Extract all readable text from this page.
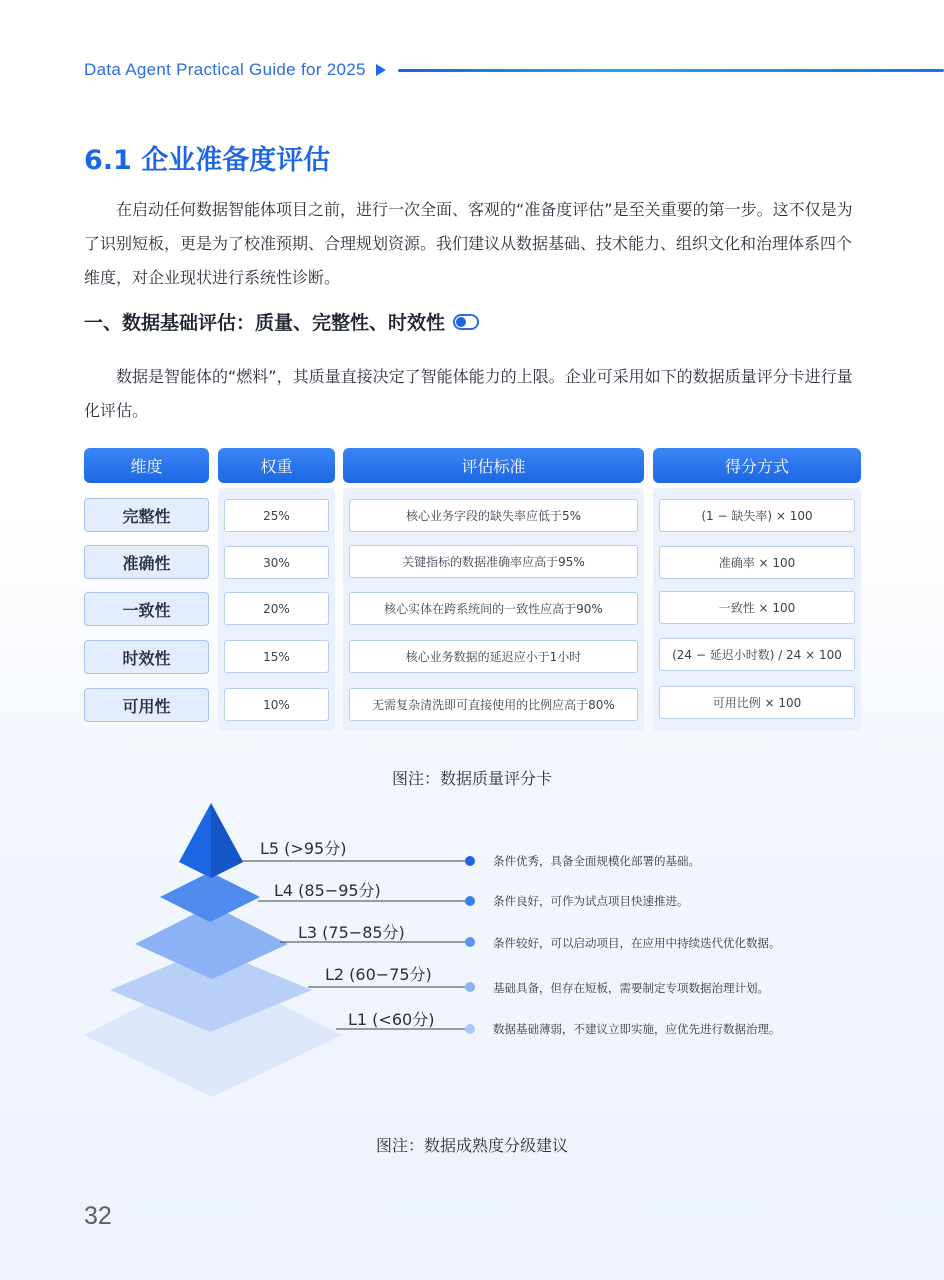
Data Agent Practical Guide for 2025
6.1 企业准备度评估

在启动任何数据智能体项目之前，进行一次全面、客观的“准备度评估”是至关重要的第一步。这不仅是为了识别短板，更是为了校准预期、合理规划资源。我们建议从数据基础、技术能力、组织文化和治理体系四个维度，对企业现状进行系统性诊断。

一、数据基础评估：质量、完整性、时效性

数据是智能体的“燃料”，其质量直接决定了智能体能力的上限。企业可采用如下的数据质量评分卡进行量化评估。

维度
完整性
准确性
一致性
时效性
可用性
权重
25%
30%
20%
15%
10%
评估标准
核心业务字段的缺失率应低于5%
关键指标的数据准确率应高于95%
核心实体在跨系统间的一致性应高于90%
核心业务数据的延迟应小于1小时
无需复杂清洗即可直接使用的比例应高于80%
得分方式
(1 − 缺失率) × 100
准确率 × 100
一致性 × 100
(24 − 延迟小时数) / 24 × 100
可用比例 × 100
图注：数据质量评分卡
L5 (>95分)
L4 (85−95分)
L3 (75−85分)
L2 (60−75分)
L1 (<60分)
条件优秀，具备全面规模化部署的基础。
条件良好，可作为试点项目快速推进。
条件较好，可以启动项目，在应用中持续迭代优化数据。
基础具备，但存在短板，需要制定专项数据治理计划。
数据基础薄弱，不建议立即实施，应优先进行数据治理。
图注：数据成熟度分级建议
32
